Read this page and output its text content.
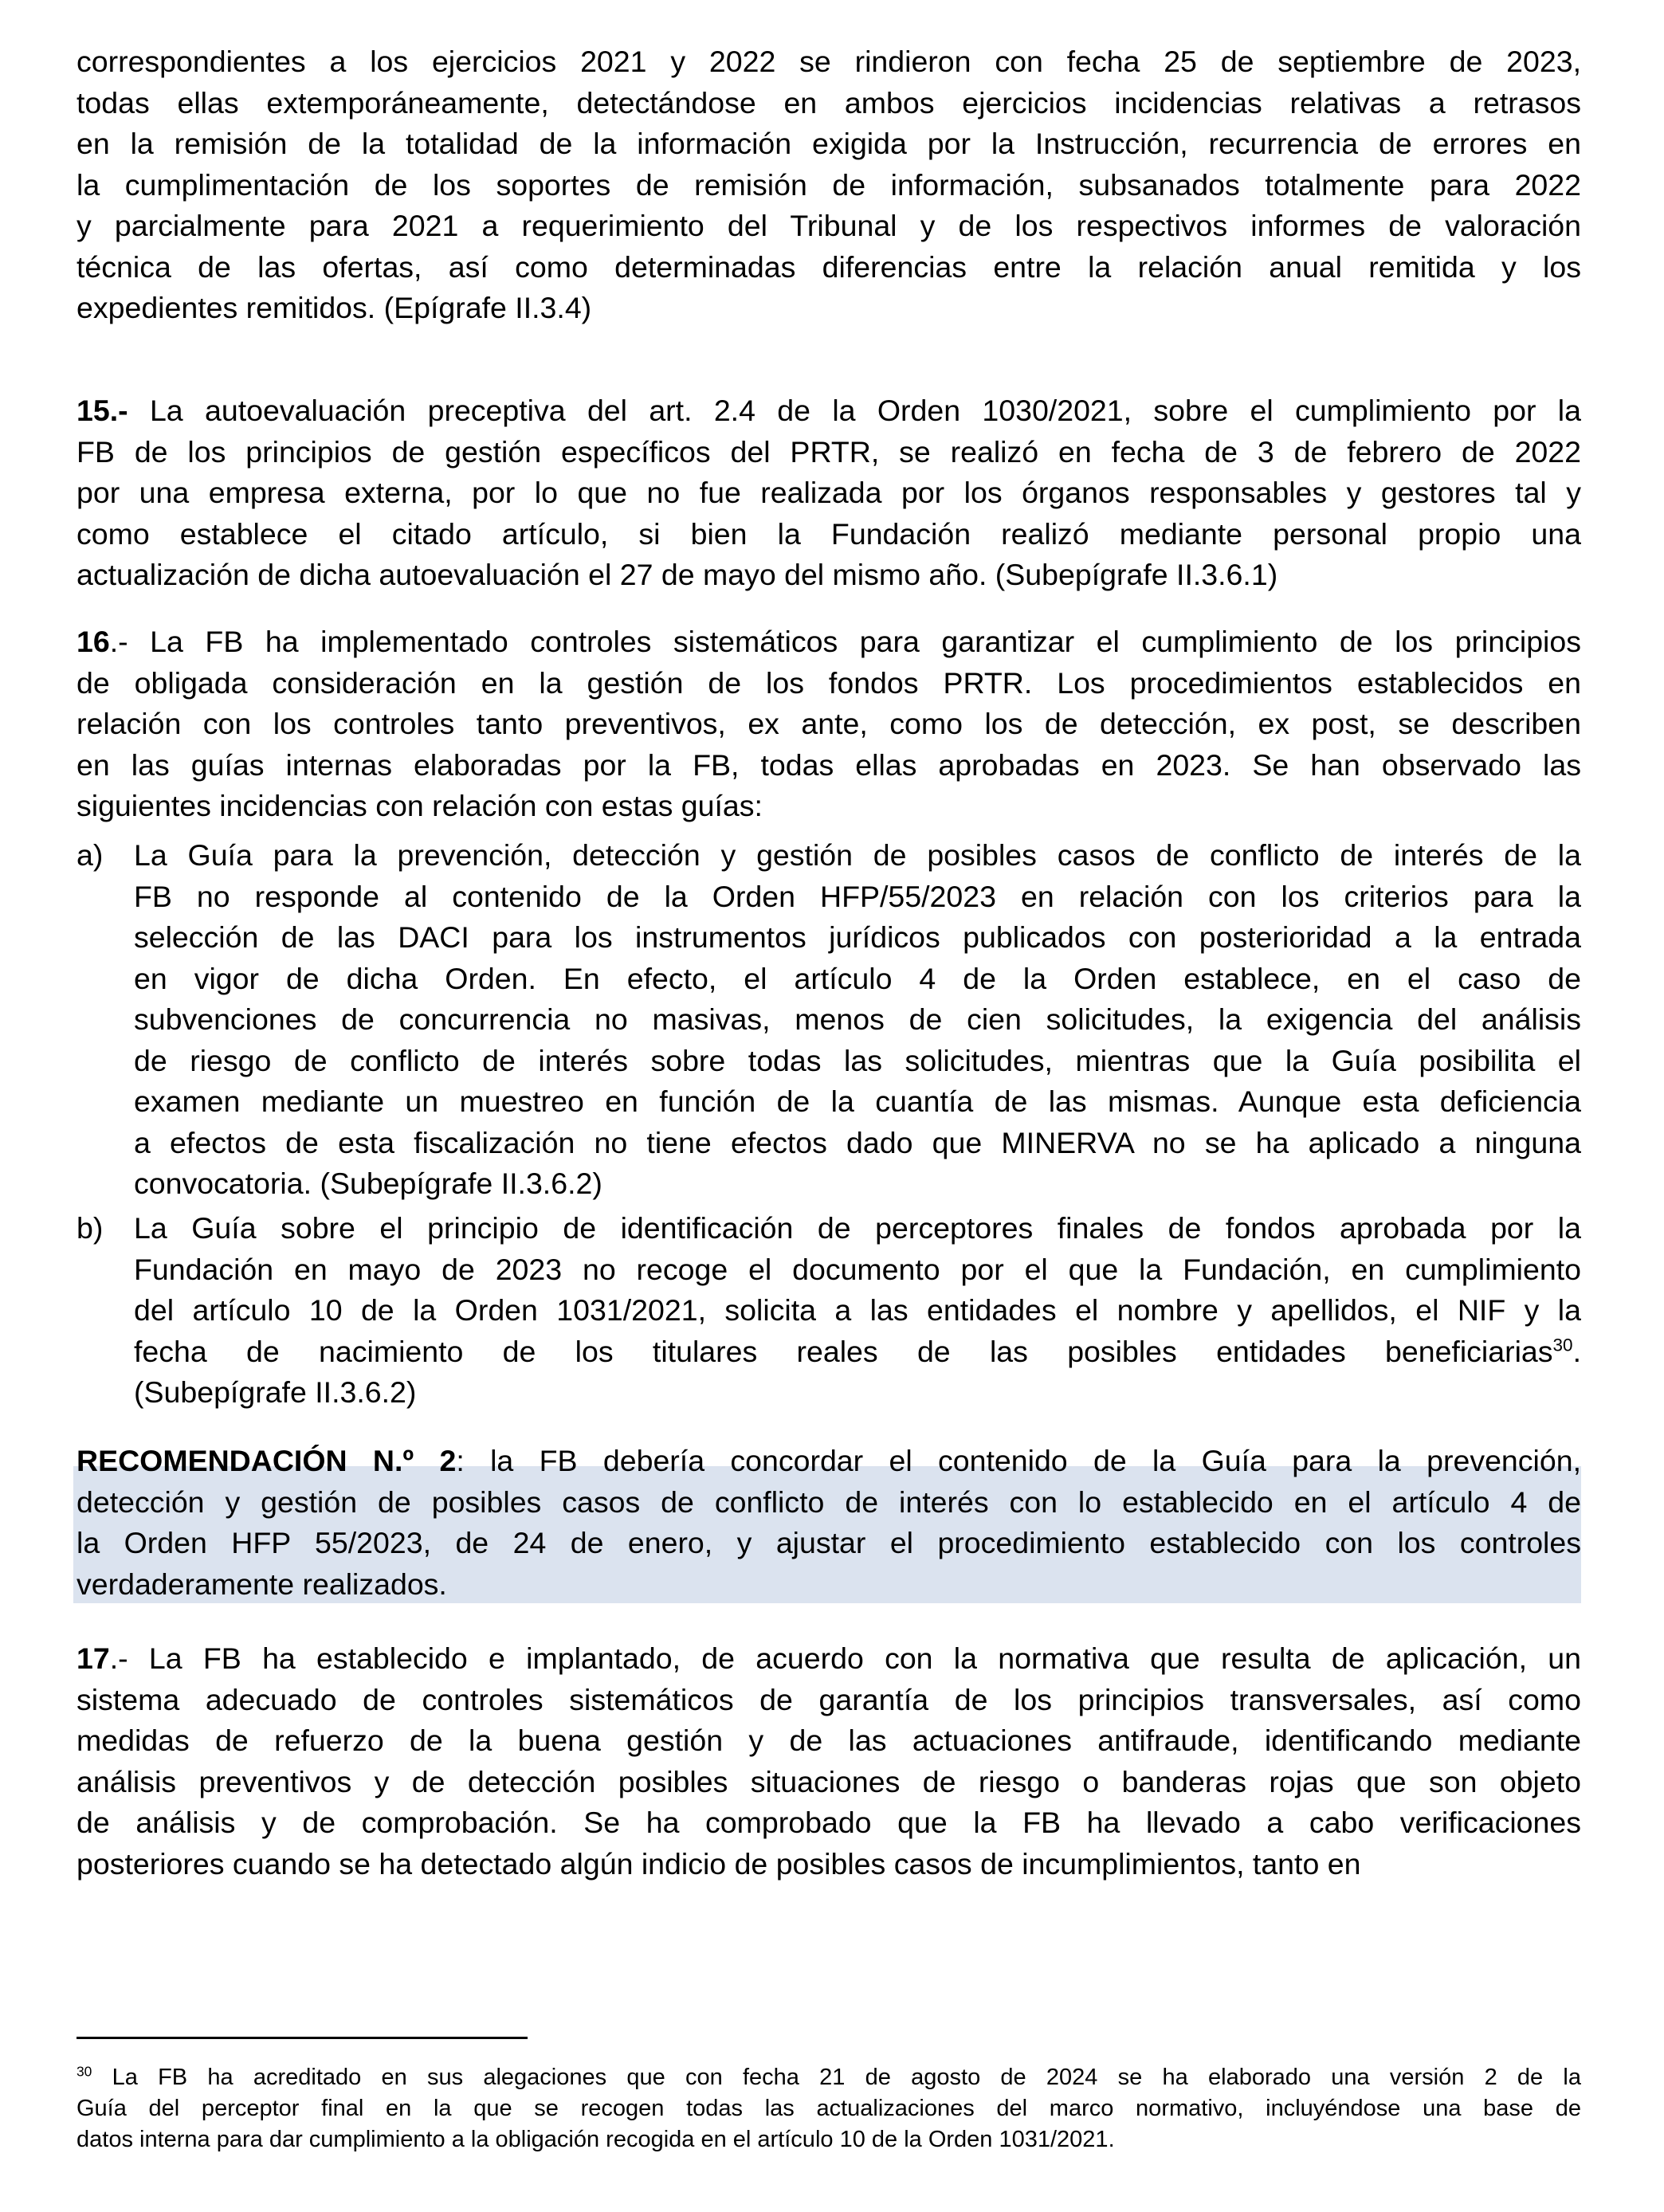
correspondientes a los ejercicios 2021 y 2022 se rindieron con fecha 25 de septiembre de 2023,
todas ellas extemporáneamente, detectándose en ambos ejercicios incidencias relativas a retrasos
en la remisión de la totalidad de la información exigida por la Instrucción, recurrencia de errores en
la cumplimentación de los soportes de remisión de información, subsanados totalmente para 2022
y parcialmente para 2021 a requerimiento del Tribunal y de los respectivos informes de valoración
técnica de las ofertas, así como determinadas diferencias entre la relación anual remitida y los
expedientes remitidos. (Epígrafe II.3.4)
15.- La autoevaluación preceptiva del art. 2.4 de la Orden 1030/2021, sobre el cumplimiento por la
FB de los principios de gestión específicos del PRTR, se realizó en fecha de 3 de febrero de 2022
por una empresa externa, por lo que no fue realizada por los órganos responsables y gestores tal y
como establece el citado artículo, si bien la Fundación realizó mediante personal propio una
actualización de dicha autoevaluación el 27 de mayo del mismo año. (Subepígrafe II.3.6.1)
16.- La FB ha implementado controles sistemáticos para garantizar el cumplimiento de los principios
de obligada consideración en la gestión de los fondos PRTR. Los procedimientos establecidos en
relación con los controles tanto preventivos, ex ante, como los de detección, ex post, se describen
en las guías internas elaboradas por la FB, todas ellas aprobadas en 2023. Se han observado las
siguientes incidencias con relación con estas guías:
a)	La Guía para la prevención, detección y gestión de posibles casos de conflicto de interés de la
FB no responde al contenido de la Orden HFP/55/2023 en relación con los criterios para la
selección de las DACI para los instrumentos jurídicos publicados con posterioridad a la entrada
en vigor de dicha Orden. En efecto, el artículo 4 de la Orden establece, en el caso de
subvenciones de concurrencia no masivas, menos de cien solicitudes, la exigencia del análisis
de riesgo de conflicto de interés sobre todas las solicitudes, mientras que la Guía posibilita el
examen mediante un muestreo en función de la cuantía de las mismas. Aunque esta deficiencia
a efectos de esta fiscalización no tiene efectos dado que MINERVA no se ha aplicado a ninguna
convocatoria. (Subepígrafe II.3.6.2)
b)	La Guía sobre el principio de identificación de perceptores finales de fondos aprobada por la
Fundación en mayo de 2023 no recoge el documento por el que la Fundación, en cumplimiento
del artículo 10 de la Orden 1031/2021, solicita a las entidades el nombre y apellidos, el NIF y la
fecha de nacimiento de los titulares reales de las posibles entidades beneficiarias$^{30}$.
(Subepígrafe II.3.6.2)
RECOMENDACIÓN N.º 2: la FB debería concordar el contenido de la Guía para la prevención,
detección y gestión de posibles casos de conflicto de interés con lo establecido en el artículo 4 de
la Orden HFP 55/2023, de 24 de enero, y ajustar el procedimiento establecido con los controles
verdaderamente realizados.
17.- La FB ha establecido e implantado, de acuerdo con la normativa que resulta de aplicación, un
sistema adecuado de controles sistemáticos de garantía de los principios transversales, así como
medidas de refuerzo de la buena gestión y de las actuaciones antifraude, identificando mediante
análisis preventivos y de detección posibles situaciones de riesgo o banderas rojas que son objeto
de análisis y de comprobación. Se ha comprobado que la FB ha llevado a cabo verificaciones
posteriores cuando se ha detectado algún indicio de posibles casos de incumplimientos, tanto en
$^{30}$ La FB ha acreditado en sus alegaciones que con fecha 21 de agosto de 2024 se ha elaborado una versión 2 de la
Guía del perceptor final en la que se recogen todas las actualizaciones del marco normativo, incluyéndose una base de
datos interna para dar cumplimiento a la obligación recogida en el artículo 10 de la Orden 1031/2021.
